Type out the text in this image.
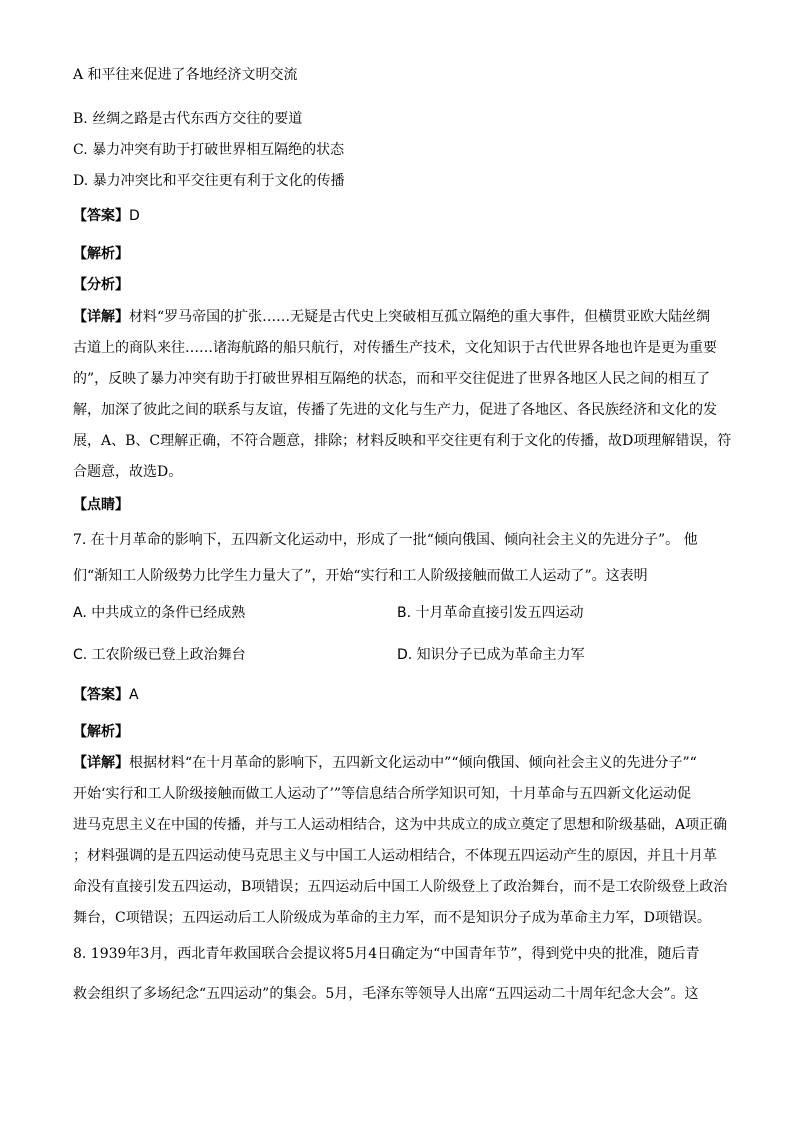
A 和平往来促进了各地经济文明交流
B. 丝绸之路是古代东西方交往的要道
C. 暴力冲突有助于打破世界相互隔绝的状态
D. 暴力冲突比和平交往更有利于文化的传播
【答案】D
【解析】
【分析】
【详解】材料“罗马帝国的扩张……无疑是古代史上突破相互孤立隔绝的重大事件，但横贯亚欧大陆丝绸
古道上的商队来往……诸海航路的船只航行，对传播生产技术，文化知识于古代世界各地也许是更为重要
的”，反映了暴力冲突有助于打破世界相互隔绝的状态，而和平交往促进了世界各地区人民之间的相互了
解，加深了彼此之间的联系与友谊，传播了先进的文化与生产力，促进了各地区、各民族经济和文化的发
展，A、B、C理解正确，不符合题意，排除；材料反映和平交往更有利于文化的传播，故D项理解错误，符
合题意，故选D。
【点睛】
7. 在十月革命的影响下，五四新文化运动中，形成了一批“倾向俄国、倾向社会主义的先进分子”。 他
们“渐知工人阶级势力比学生力量大了”，开始“实行和工人阶级接触而做工人运动了”。这表明
A. 中共成立的条件已经成熟	B. 十月革命直接引发五四运动
C. 工农阶级已登上政治舞台	D. 知识分子已成为革命主力军
【答案】A
【解析】
【详解】根据材料“在十月革命的影响下，五四新文化运动中”“倾向俄国、倾向社会主义的先进分子”“
开始‘实行和工人阶级接触而做工人运动了’”等信息结合所学知识可知，十月革命与五四新文化运动促
进马克思主义在中国的传播，并与工人运动相结合，这为中共成立的成立奠定了思想和阶级基础，A项正确
；材料强调的是五四运动使马克思主义与中国工人运动相结合，不体现五四运动产生的原因，并且十月革
命没有直接引发五四运动，B项错误；五四运动后中国工人阶级登上了政治舞台，而不是工农阶级登上政治
舞台，C项错误；五四运动后工人阶级成为革命的主力军，而不是知识分子成为革命主力军，D项错误。
8. 1939年3月，西北青年救国联合会提议将5月4日确定为“中国青年节”，得到党中央的批准，随后青
救会组织了多场纪念“五四运动”的集会。5月，毛泽东等领导人出席“五四运动二十周年纪念大会”。这
